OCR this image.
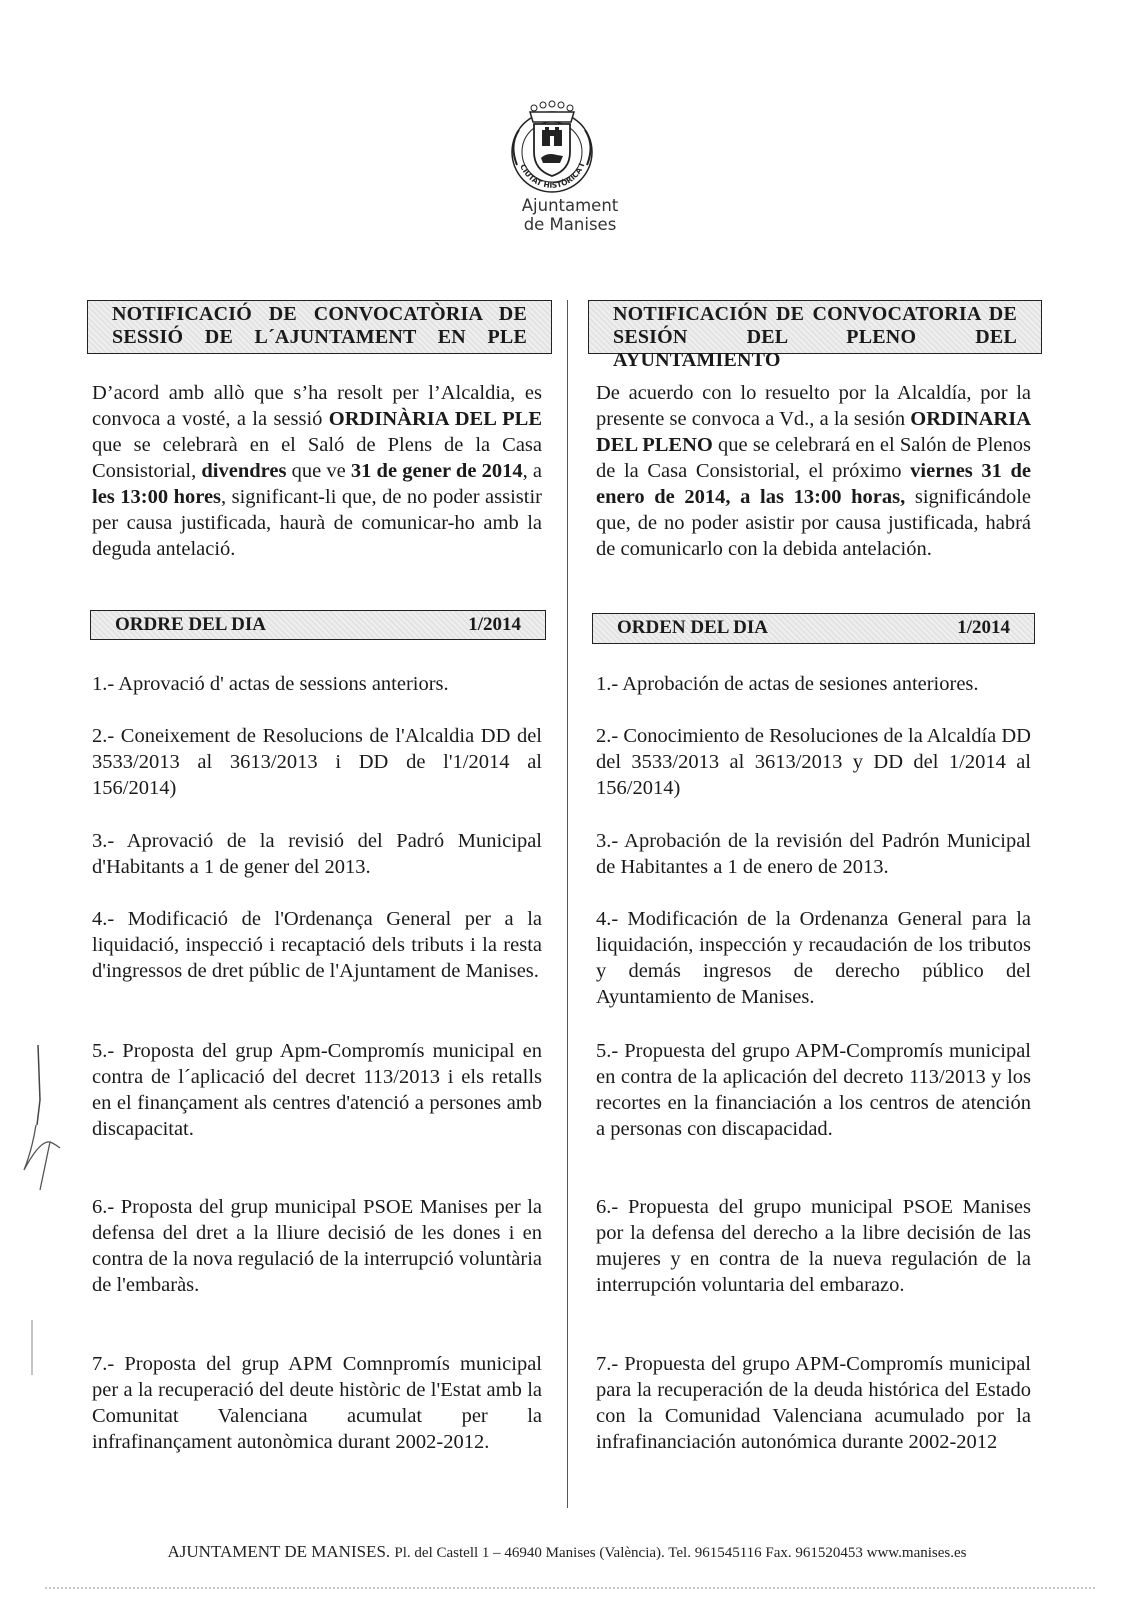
CIUTAT HISTÒRICA I
Ajuntament
de Manises
NOTIFICACIÓ DE CONVOCATÒRIA DE SESSIÓ DE L´AJUNTAMENT EN PLE
D’acord amb allò que s’ha resolt per l’Alcaldia, es convoca a vosté, a la sessió ORDINÀRIA DEL PLE que se celebrarà en el Saló de Plens de la Casa Consistorial, divendres que ve 31 de gener de 2014, a les 13:00 hores, significant-li que, de no poder assistir per causa justificada, haurà de comunicar-ho amb la deguda antelació.
ORDRE DEL DIA	1/2014
1.- Aprovació d' actas de sessions anteriors.
2.- Coneixement de Resolucions de l'Alcaldia DD del 3533/2013 al 3613/2013 i DD de l'1/2014 al 156/2014)
3.- Aprovació de la revisió del Padró Municipal d'Habitants a 1 de gener del 2013.
4.- Modificació de l'Ordenança General per a la liquidació, inspecció i recaptació dels tributs i la resta d'ingressos de dret públic de l'Ajuntament de Manises.
5.- Proposta del grup Apm-Compromís municipal en contra de l´aplicació del decret 113/2013 i els retalls en el finançament als centres d'atenció a persones amb discapacitat.
6.- Proposta del grup municipal PSOE Manises per la defensa del dret a la lliure decisió de les dones i en contra de la nova regulació de la interrupció voluntària de l'embaràs.
7.- Proposta del grup APM Comnpromís municipal per a la recuperació del deute històric de l'Estat amb la Comunitat Valenciana acumulat per la infrafinançament autonòmica durant 2002-2012.
NOTIFICACIÓN DE CONVOCATORIA DE SESIÓN DEL PLENO DEL AYUNTAMIENTO
De acuerdo con lo resuelto por la Alcaldía, por la presente se convoca a Vd., a la sesión ORDINARIA DEL PLENO que se celebrará en el Salón de Plenos de la Casa Consistorial, el próximo viernes 31 de enero de 2014, a las 13:00 horas, significándole que, de no poder asistir por causa justificada, habrá de comunicarlo con la debida antelación.
ORDEN DEL DIA	1/2014
1.- Aprobación de actas de sesiones anteriores.
2.- Conocimiento de Resoluciones de la Alcaldía DD del 3533/2013 al 3613/2013 y DD del 1/2014 al 156/2014)
3.- Aprobación de la revisión del Padrón Municipal de Habitantes a 1 de enero de 2013.
4.- Modificación de la Ordenanza General para la liquidación, inspección y recaudación de los tributos y demás ingresos de derecho público del Ayuntamiento de Manises.
5.- Propuesta del grupo APM-Compromís municipal en contra de la aplicación del decreto 113/2013 y los recortes en la financiación a los centros de atención a personas con discapacidad.
6.- Propuesta del grupo municipal PSOE Manises por la defensa del derecho a la libre decisión de las mujeres y en contra de la nueva regulación de la interrupción voluntaria del embarazo.
7.- Propuesta del grupo APM-Compromís municipal para la recuperación de la deuda histórica del Estado con la Comunidad Valenciana acumulado por la infrafinanciación autonómica durante 2002-2012
AJUNTAMENT DE MANISES. Pl. del Castell 1 – 46940 Manises (València). Tel. 961545116 Fax. 961520453 www.manises.es
